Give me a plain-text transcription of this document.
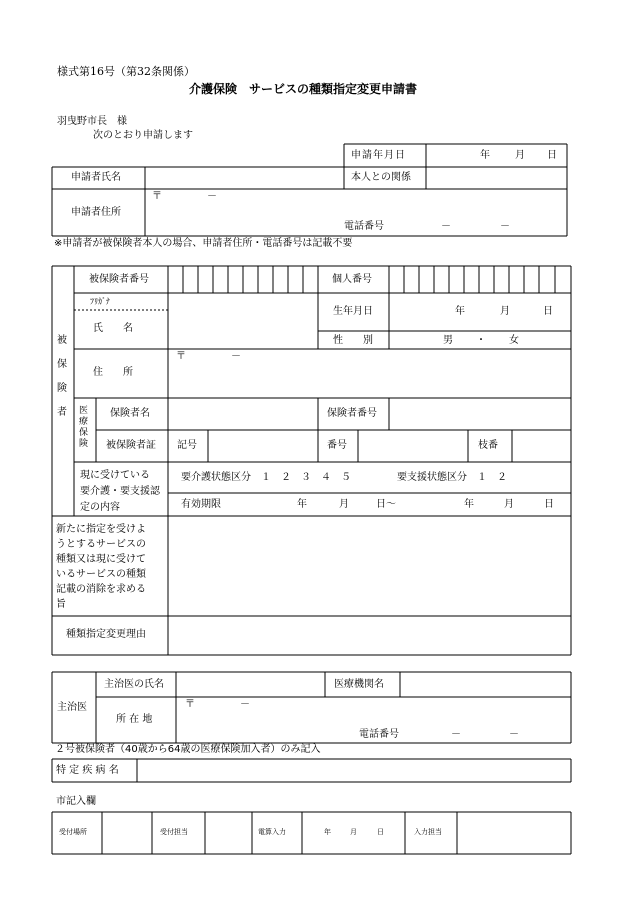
様式第16号（第32条関係）
介護保険　サービスの種類指定変更申請書
羽曳野市長　様
次のとおり申請します
申請年月日	年	月 日
申請者氏名	本人との関係
申請者住所
〒	－
電話番号	－	－
※申請者が被保険者本人の場合、申請者住所・電話番号は記載不要
被
保
険
者
被保険者番号	個人番号
ﾌﾘｶﾞﾅ
氏　　名
生年月日	年	月	日
性　　別	男 ・ 女
住　　所
〒	－
医
療
保
険
保険者名	保険者番号
被保険者証 記号	番号	枝番
現に受けている
要介護・要支援認
定の内容
要介護状態区分　１　２　３　４　５	要支援状態区分　１　２
有効期限	年	月	日～	年	月	日
新たに指定を受けよ
うとするサービスの
種類又は現に受けて
いるサービスの種類
記載の消除を求める
旨
種類指定変更理由
主治医
主治医の氏名	医療機関名
所 在 地
〒	－
電話番号	－	－
２号被保険者（40歳から64歳の医療保険加入者）のみ記入
特 定 疾 病 名
市記入欄
受付場所	受付担当	電算入力	年	月	日	入力担当
